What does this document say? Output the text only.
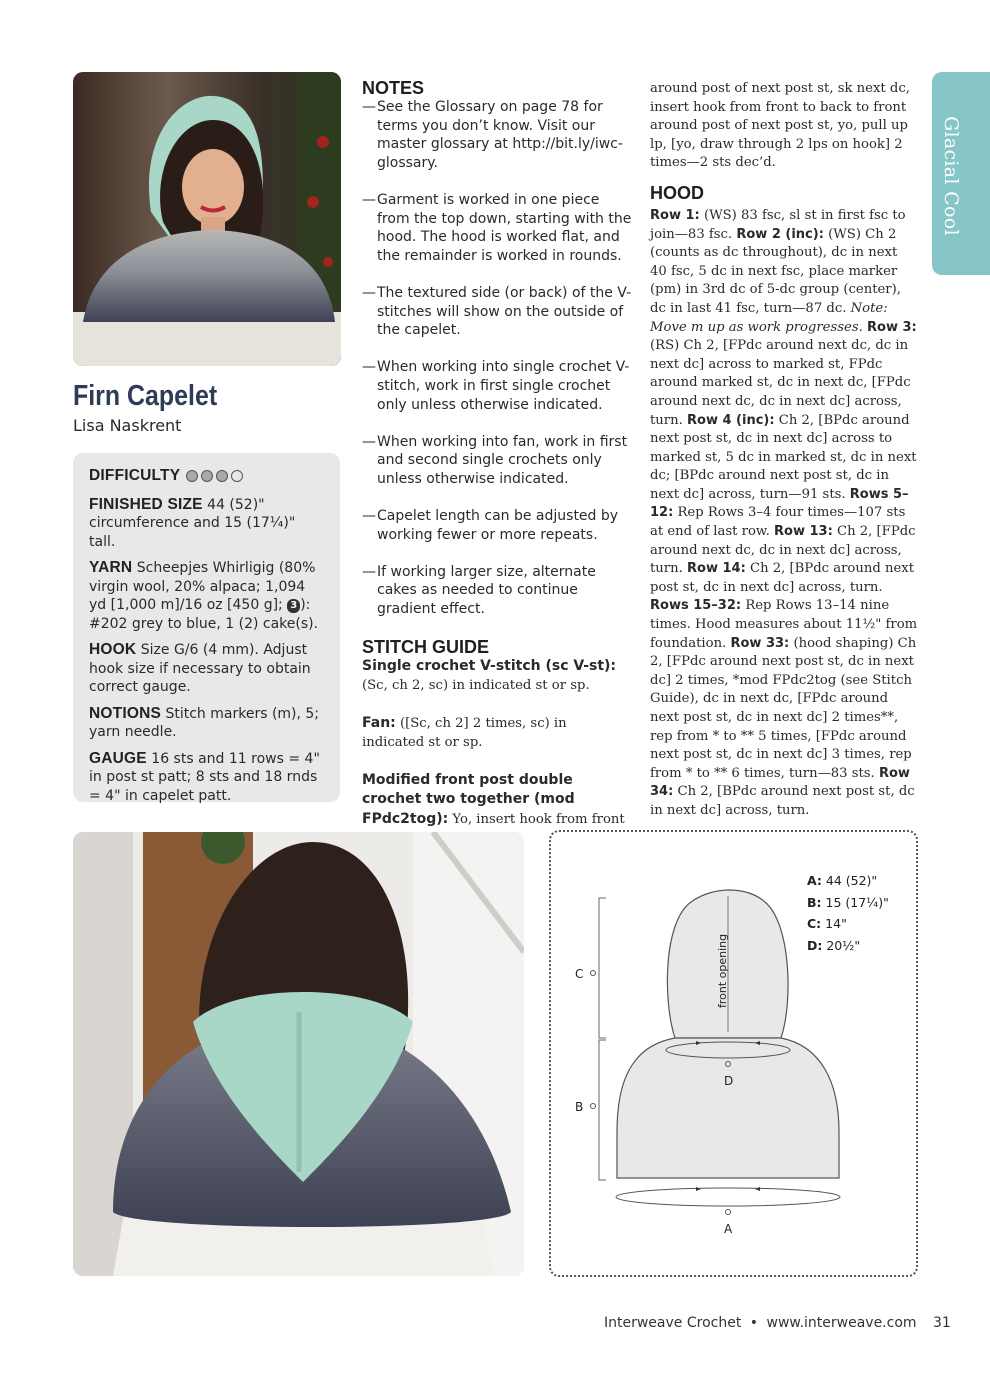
Glacial Cool
Firn Capelet
Lisa Naskrent
DIFFICULTY
FINISHED SIZE 44 (52)" circumference and 15 (17¼)" tall.
YARN Scheepjes Whirligig (80% virgin wool, 20% alpaca; 1,094 yd [1,000 m]/16 oz [450 g]; 3 ): #202 grey to blue, 1 (2) cake(s).
HOOK Size G/6 (4 mm). Adjust hook size if necessary to obtain correct gauge.
NOTIONS Stitch markers (m), 5; yarn needle.
GAUGE 16 sts and 11 rows = 4" in post st patt; 8 sts and 18 rnds = 4" in capelet patt.
NOTES
— See the Glossary on page 78 for terms you don’t know. Visit our master glossary at http://bit.ly/iwc-glossary.
— Garment is worked in one piece from the top down, starting with the hood. The hood is worked flat, and the remainder is worked in rounds.
— The textured side (or back) of the V-stitches will show on the outside of the capelet.
— When working into single crochet V-stitch, work in first single crochet only unless otherwise indicated.
— When working into fan, work in first and second single crochets only unless otherwise indicated.
— Capelet length can be adjusted by working fewer or more repeats.
— If working larger size, alternate cakes as needed to continue gradient effect.
STITCH GUIDE
Single crochet V-stitch (sc V-st): (Sc, ch 2, sc) in indicated st or sp.
Fan: ([Sc, ch 2] 2 times, sc) in indicated st or sp.
Modified front post double crochet two together (mod FPdc2tog): Yo, insert hook from front
around post of next post st, sk next dc, insert hook from front to back to front around post of next post st, yo, pull up lp, [yo, draw through 2 lps on hook] 2 times—2 sts dec’d.
HOOD
Row 1: (WS) 83 fsc, sl st in first fsc to join—83 fsc. Row 2 (inc): (WS) Ch 2 (counts as dc throughout), dc in next 40 fsc, 5 dc in next fsc, place marker (pm) in 3rd dc of 5-dc group (center), dc in last 41 fsc, turn—87 dc. Note: Move m up as work progresses. Row 3: (RS) Ch 2, [FPdc around next dc, dc in next dc] across to marked st, FPdc around marked st, dc in next dc, [FPdc around next dc, dc in next dc] across, turn. Row 4 (inc): Ch 2, [BPdc around next post st, dc in next dc] across to marked st, 5 dc in marked st, dc in next dc; [BPdc around next post st, dc in next dc] across, turn—91 sts. Rows 5–12: Rep Rows 3–4 four times—107 sts at end of last row. Row 13: Ch 2, [FPdc around next dc, dc in next dc] across, turn. Row 14: Ch 2, [BPdc around next post st, dc in next dc] across, turn. Rows 15–32: Rep Rows 13–14 nine times. Hood measures about 11½" from foundation. Row 33: (hood shaping) Ch 2, [FPdc around next post st, dc in next dc] 2 times, *mod FPdc2tog (see Stitch Guide), dc in next dc, [FPdc around next post st, dc in next dc] 2 times**, rep from * to ** 5 times, [FPdc around next post st, dc in next dc] 3 times, rep from * to ** 6 times, turn—83 sts. Row 34: Ch 2, [BPdc around next post st, dc in next dc] across, turn.
C
B
D
A
front opening
A: 44 (52)"
B: 15 (17¼)"
C: 14"
D: 20½"
Interweave Crochet • www.interweave.com 31
